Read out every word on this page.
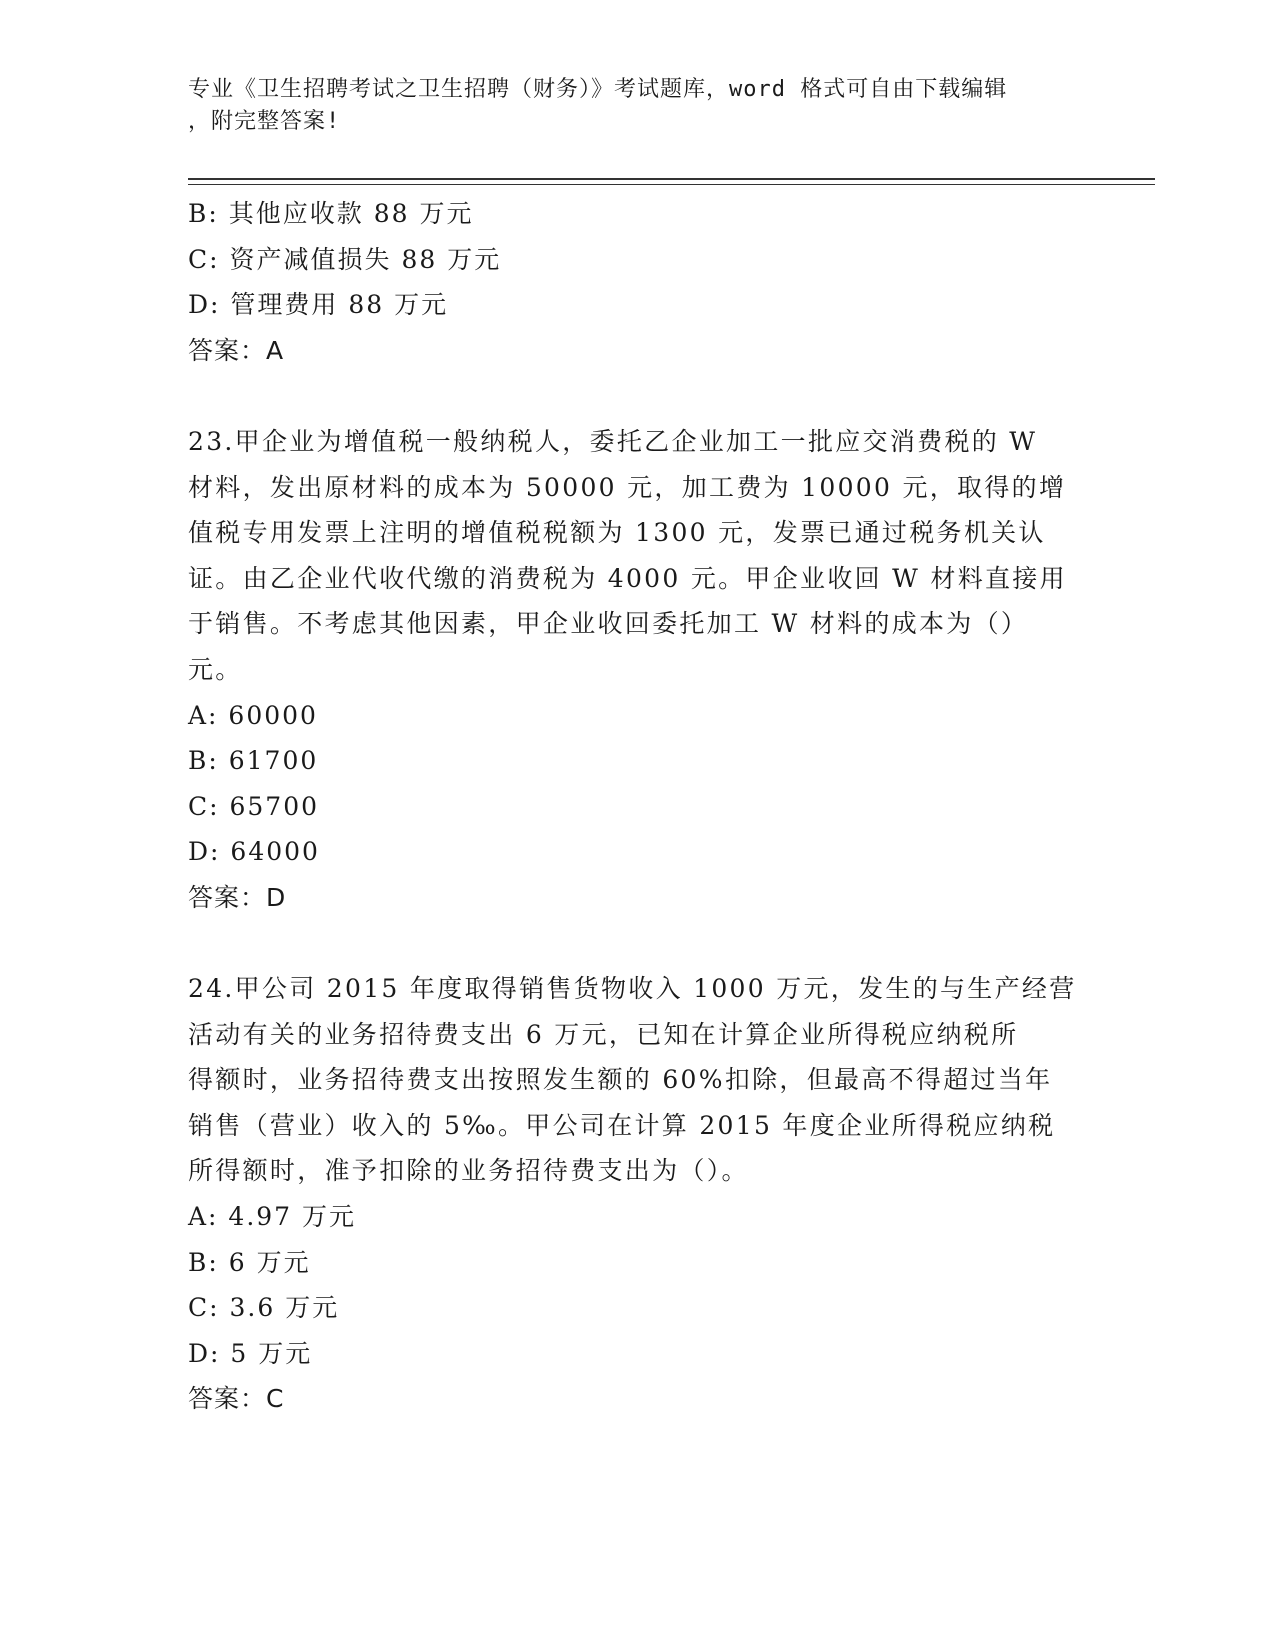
专业《卫生招聘考试之卫生招聘（财务）》考试题库，word 格式可自由下载编辑
，附完整答案!
B: 其他应收款 88 万元
C: 资产减值损失 88 万元
D: 管理费用 88 万元
答案：A
23.甲企业为增值税一般纳税人，委托乙企业加工一批应交消费税的 W
材料，发出原材料的成本为 50000 元，加工费为 10000 元，取得的增
值税专用发票上注明的增值税税额为 1300 元，发票已通过税务机关认
证。由乙企业代收代缴的消费税为 4000 元。甲企业收回 W 材料直接用
于销售。不考虑其他因素，甲企业收回委托加工 W 材料的成本为（）
元。
A: 60000
B: 61700
C: 65700
D: 64000
答案：D
24.甲公司 2015 年度取得销售货物收入 1000 万元，发生的与生产经营
活动有关的业务招待费支出 6 万元，已知在计算企业所得税应纳税所
得额时，业务招待费支出按照发生额的 60%扣除，但最高不得超过当年
销售（营业）收入的 5‰。甲公司在计算 2015 年度企业所得税应纳税
所得额时，准予扣除的业务招待费支出为（）。
A: 4.97 万元
B: 6 万元
C: 3.6 万元
D: 5 万元
答案：C
